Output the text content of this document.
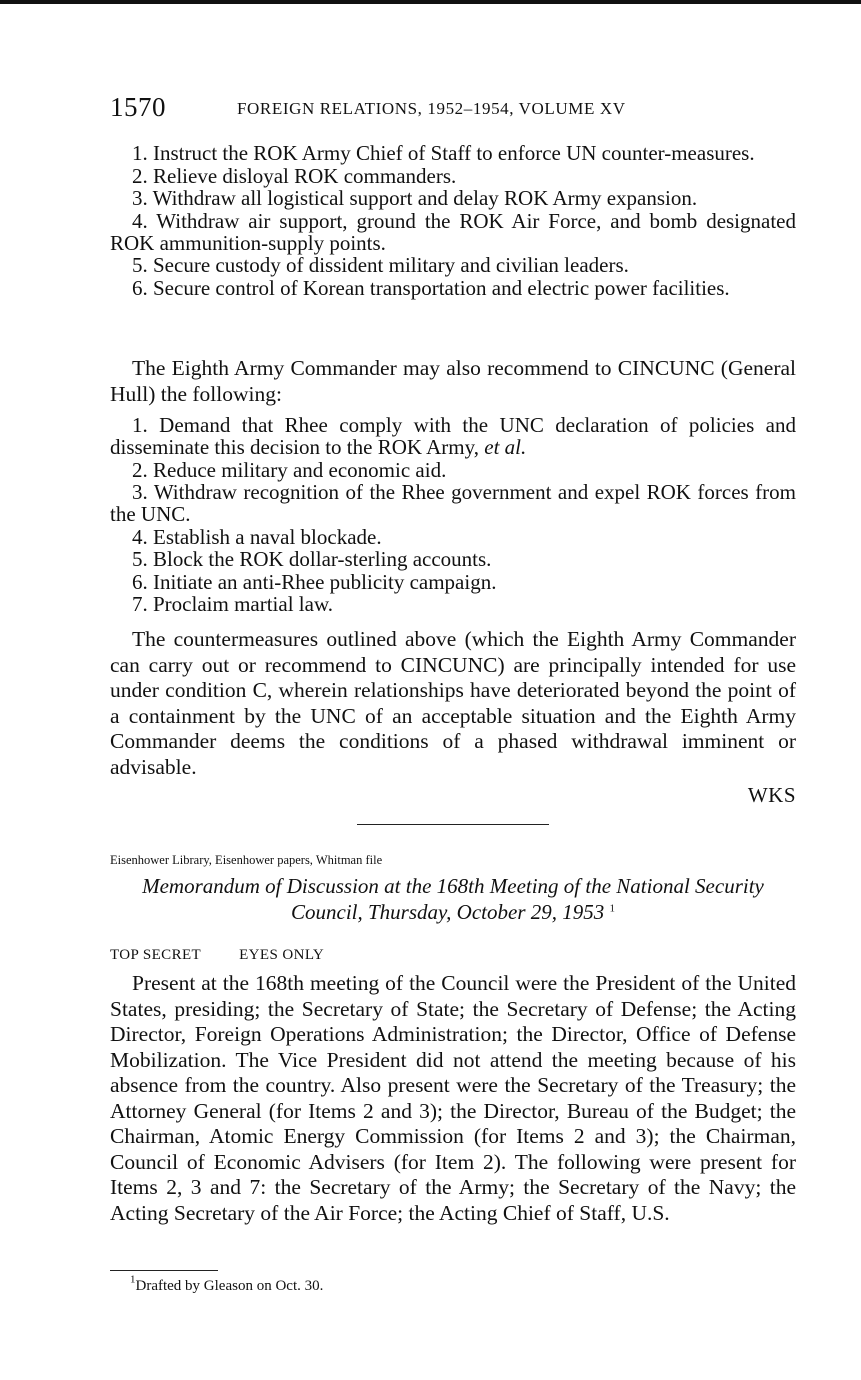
1570	FOREIGN RELATIONS, 1952–1954, VOLUME XV
1. Instruct the ROK Army Chief of Staff to enforce UN counter-measures.
2. Relieve disloyal ROK commanders.
3. Withdraw all logistical support and delay ROK Army expansion.
4. Withdraw air support, ground the ROK Air Force, and bomb designated ROK ammunition-supply points.
5. Secure custody of dissident military and civilian leaders.
6. Secure control of Korean transportation and electric power facilities.
The Eighth Army Commander may also recommend to CINCUNC (General Hull) the following:
1. Demand that Rhee comply with the UNC declaration of policies and disseminate this decision to the ROK Army, et al.
2. Reduce military and economic aid.
3. Withdraw recognition of the Rhee government and expel ROK forces from the UNC.
4. Establish a naval blockade.
5. Block the ROK dollar-sterling accounts.
6. Initiate an anti-Rhee publicity campaign.
7. Proclaim martial law.
The countermeasures outlined above (which the Eighth Army Commander can carry out or recommend to CINCUNC) are principally intended for use under condition C, wherein relationships have deteriorated beyond the point of a containment by the UNC of an acceptable situation and the Eighth Army Commander deems the conditions of a phased withdrawal imminent or advisable.
WKS
Eisenhower Library, Eisenhower papers, Whitman file
Memorandum of Discussion at the 168th Meeting of the National Security Council, Thursday, October 29, 1953 $^1$
TOP SECRET	EYES ONLY
Present at the 168th meeting of the Council were the President of the United States, presiding; the Secretary of State; the Secretary of Defense; the Acting Director, Foreign Operations Administration; the Director, Office of Defense Mobilization. The Vice President did not attend the meeting because of his absence from the country. Also present were the Secretary of the Treasury; the Attorney General (for Items 2 and 3); the Director, Bureau of the Budget; the Chairman, Atomic Energy Commission (for Items 2 and 3); the Chairman, Council of Economic Advisers (for Item 2). The following were present for Items 2, 3 and 7: the Secretary of the Army; the Secretary of the Navy; the Acting Secretary of the Air Force; the Acting Chief of Staff, U.S.
$^1$Drafted by Gleason on Oct. 30.
